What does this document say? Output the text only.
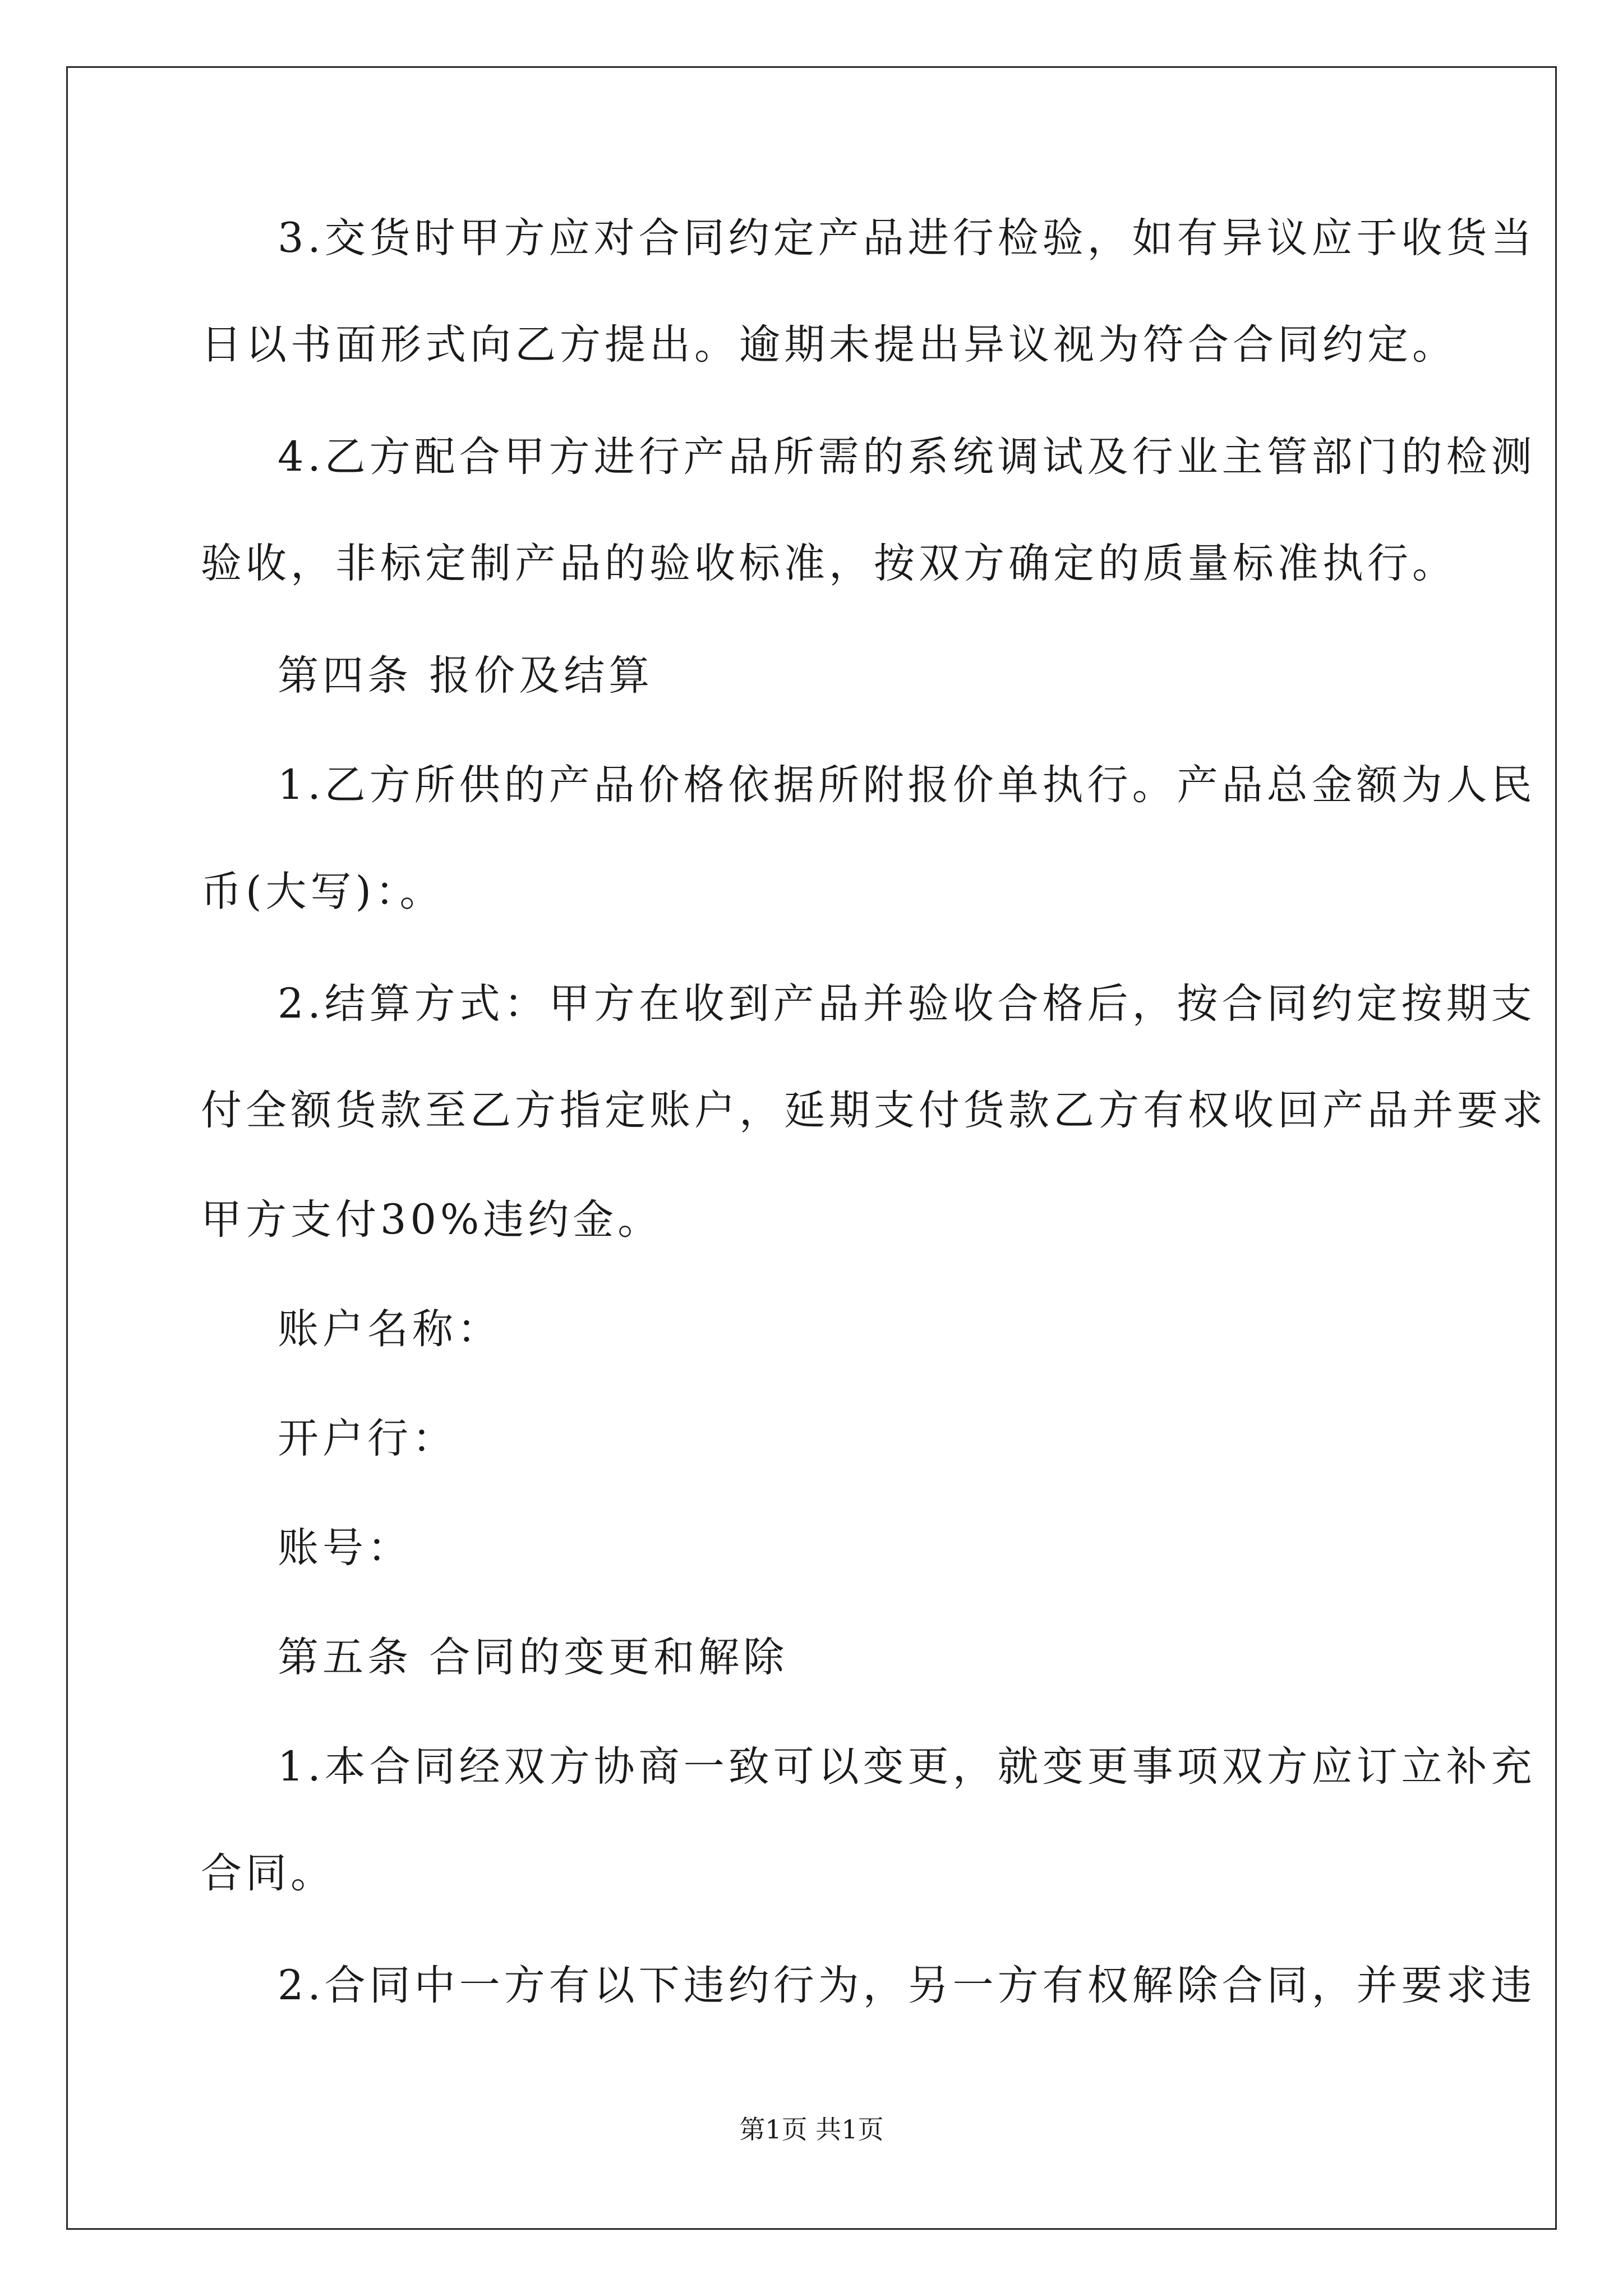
3.交货时甲方应对合同约定产品进行检验，如有异议应于收货当
日以书面形式向乙方提出。逾期未提出异议视为符合合同约定。
4.乙方配合甲方进行产品所需的系统调试及行业主管部门的检测
验收，非标定制产品的验收标准，按双方确定的质量标准执行。
第四条 报价及结算
1.乙方所供的产品价格依据所附报价单执行。产品总金额为人民
币(大写)：。
2.结算方式：甲方在收到产品并验收合格后，按合同约定按期支
付全额货款至乙方指定账户，延期支付货款乙方有权收回产品并要求
甲方支付30%违约金。
账户名称：
开户行：
账号：
第五条 合同的变更和解除
1.本合同经双方协商一致可以变更，就变更事项双方应订立补充
合同。
2.合同中一方有以下违约行为，另一方有权解除合同，并要求违
第1页 共1页
